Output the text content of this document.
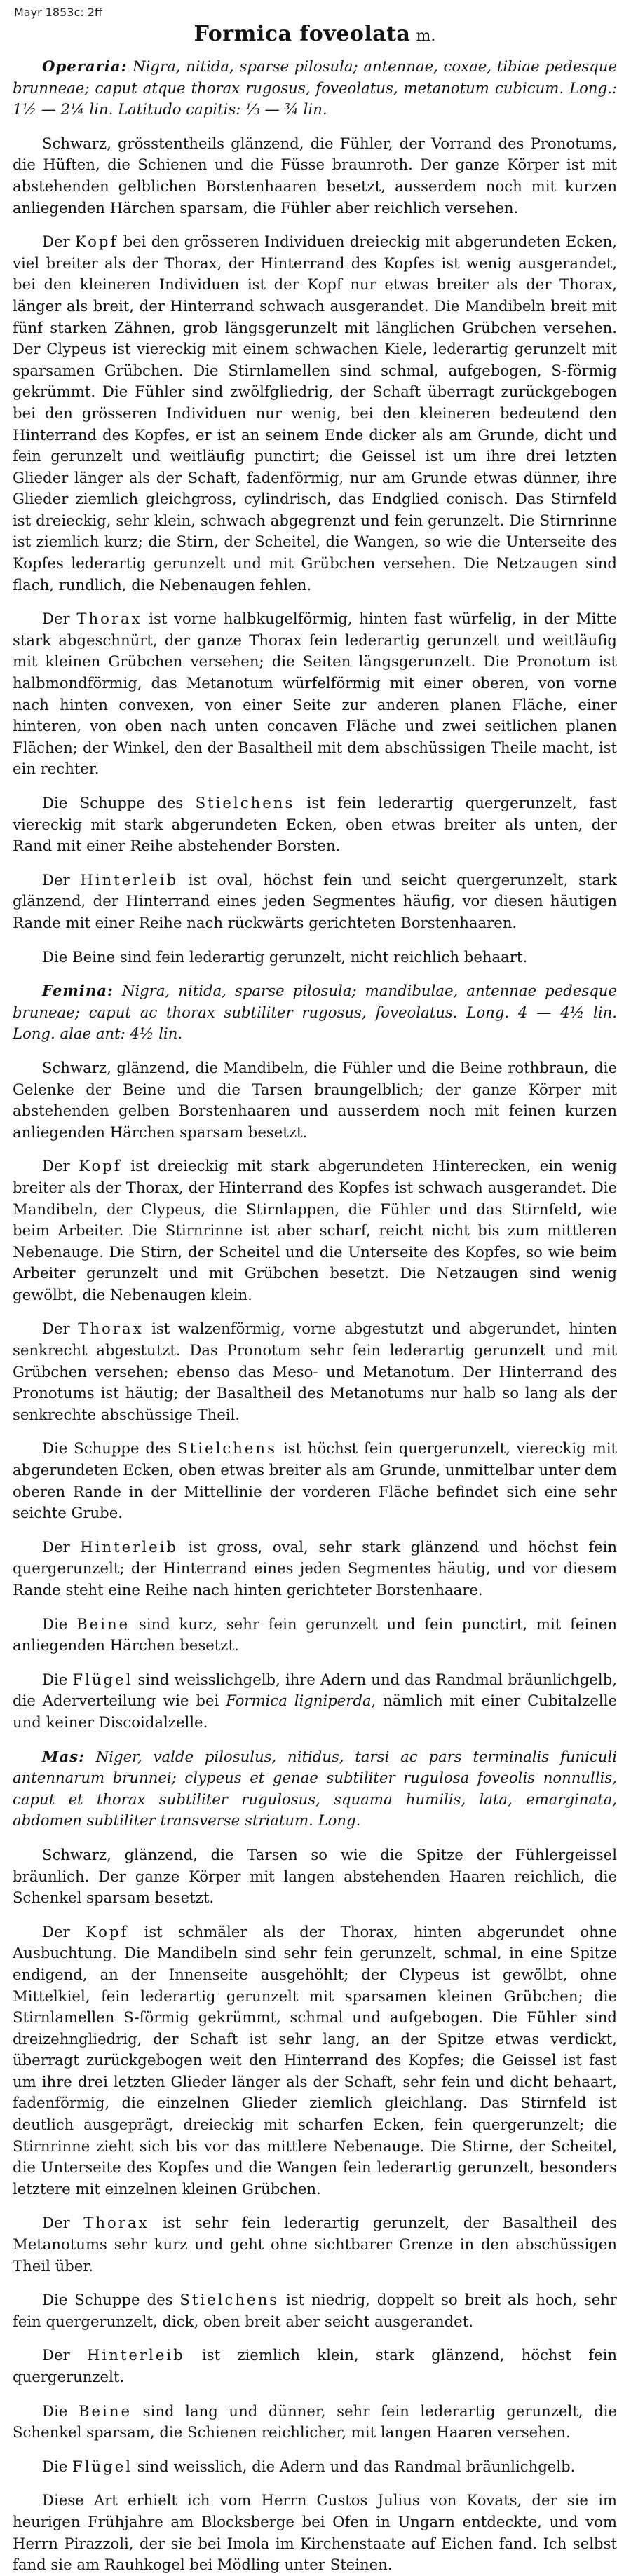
Mayr 1853c: 2ff
Formica foveolata m.

Operaria: Nigra, nitida, sparse pilosula; antennae, coxae, tibiae pedesque brunneae; caput atque thorax rugosus, foveolatus, metanotum cubicum. Long.: 1½ — 2¼ lin. Latitudo capitis: ⅓ — ¾ lin.

Schwarz, grösstentheils glänzend, die Fühler, der Vorrand des Pronotums, die Hüften, die Schienen und die Füsse braunroth. Der ganze Körper ist mit abstehenden gelblichen Borstenhaaren besetzt, ausserdem noch mit kurzen anliegenden Härchen sparsam, die Fühler aber reichlich versehen.

Der Kopf bei den grösseren Individuen dreieckig mit abgerundeten Ecken, viel breiter als der Thorax, der Hinterrand des Kopfes ist wenig ausgerandet, bei den kleineren Individuen ist der Kopf nur etwas breiter als der Thorax, länger als breit, der Hinterrand schwach ausgerandet. Die Mandibeln breit mit fünf starken Zähnen, grob längsgerunzelt mit länglichen Grübchen versehen. Der Clypeus ist viereckig mit einem schwachen Kiele, lederartig gerunzelt mit sparsamen Grübchen. Die Stirnlamellen sind schmal, aufgebogen, S-förmig gekrümmt. Die Fühler sind zwölfgliedrig, der Schaft überragt zurückgebogen bei den grösseren Individuen nur wenig, bei den kleineren bedeutend den Hinterrand des Kopfes, er ist an seinem Ende dicker als am Grunde, dicht und fein gerunzelt und weitläufig punctirt; die Geissel ist um ihre drei letzten Glieder länger als der Schaft, fadenförmig, nur am Grunde etwas dünner, ihre Glieder ziemlich gleichgross, cylindrisch, das Endglied conisch. Das Stirnfeld ist dreieckig, sehr klein, schwach abgegrenzt und fein gerunzelt. Die Stirnrinne ist ziemlich kurz; die Stirn, der Scheitel, die Wangen, so wie die Unterseite des Kopfes lederartig gerunzelt und mit Grübchen versehen. Die Netzaugen sind flach, rundlich, die Nebenaugen fehlen.

Der Thorax ist vorne halbkugelförmig, hinten fast würfelig, in der Mitte stark abgeschnürt, der ganze Thorax fein lederartig gerunzelt und weitläufig mit kleinen Grübchen versehen; die Seiten längsgerunzelt. Die Pronotum ist halbmondförmig, das Metanotum würfelförmig mit einer oberen, von vorne nach hinten convexen, von einer Seite zur anderen planen Fläche, einer hinteren, von oben nach unten concaven Fläche und zwei seitlichen planen Flächen; der Winkel, den der Basaltheil mit dem abschüssigen Theile macht, ist ein rechter.

Die Schuppe des Stielchens ist fein lederartig quergerunzelt, fast viereckig mit stark abgerundeten Ecken, oben etwas breiter als unten, der Rand mit einer Reihe abstehender Borsten.

Der Hinterleib ist oval, höchst fein und seicht quergerunzelt, stark glänzend, der Hinterrand eines jeden Segmentes häufig, vor diesen häutigen Rande mit einer Reihe nach rückwärts gerichteten Borstenhaaren.

Die Beine sind fein lederartig gerunzelt, nicht reichlich behaart.

Femina: Nigra, nitida, sparse pilosula; mandibulae, antennae pedesque bruneae; caput ac thorax subtiliter rugosus, foveolatus. Long. 4 — 4½ lin. Long. alae ant: 4½ lin.

Schwarz, glänzend, die Mandibeln, die Fühler und die Beine rothbraun, die Gelenke der Beine und die Tarsen braungelblich; der ganze Körper mit abstehenden gelben Borstenhaaren und ausserdem noch mit feinen kurzen anliegenden Härchen sparsam besetzt.

Der Kopf ist dreieckig mit stark abgerundeten Hinterecken, ein wenig breiter als der Thorax, der Hinterrand des Kopfes ist schwach ausgerandet. Die Mandibeln, der Clypeus, die Stirnlappen, die Fühler und das Stirnfeld, wie beim Arbeiter. Die Stirnrinne ist aber scharf, reicht nicht bis zum mittleren Nebenauge. Die Stirn, der Scheitel und die Unterseite des Kopfes, so wie beim Arbeiter gerunzelt und mit Grübchen besetzt. Die Netzaugen sind wenig gewölbt, die Nebenaugen klein.

Der Thorax ist walzenförmig, vorne abgestutzt und abgerundet, hinten senkrecht abgestutzt. Das Pronotum sehr fein lederartig gerunzelt und mit Grübchen versehen; ebenso das Meso- und Metanotum. Der Hinterrand des Pronotums ist häutig; der Basaltheil des Metanotums nur halb so lang als der senkrechte abschüssige Theil.

Die Schuppe des Stielchens ist höchst fein quergerunzelt, viereckig mit abgerundeten Ecken, oben etwas breiter als am Grunde, unmittelbar unter dem oberen Rande in der Mittellinie der vorderen Fläche befindet sich eine sehr seichte Grube.

Der Hinterleib ist gross, oval, sehr stark glänzend und höchst fein quergerunzelt; der Hinterrand eines jeden Segmentes häutig, und vor diesem Rande steht eine Reihe nach hinten gerichteter Borstenhaare.

Die Beine sind kurz, sehr fein gerunzelt und fein punctirt, mit feinen anliegenden Härchen besetzt.

Die Flügel sind weisslichgelb, ihre Adern und das Randmal bräunlichgelb, die Aderverteilung wie bei Formica ligniperda, nämlich mit einer Cubitalzelle und keiner Discoidalzelle.

Mas: Niger, valde pilosulus, nitidus, tarsi ac pars terminalis funiculi antennarum brunnei; clypeus et genae subtiliter rugulosa foveolis nonnullis, caput et thorax subtiliter rugulosus, squama humilis, lata, emarginata, abdomen subtiliter transverse striatum. Long.

Schwarz, glänzend, die Tarsen so wie die Spitze der Fühlergeissel bräunlich. Der ganze Körper mit langen abstehenden Haaren reichlich, die Schenkel sparsam besetzt.

Der Kopf ist schmäler als der Thorax, hinten abgerundet ohne Ausbuchtung. Die Mandibeln sind sehr fein gerunzelt, schmal, in eine Spitze endigend, an der Innenseite ausgehöhlt; der Clypeus ist gewölbt, ohne Mittelkiel, fein lederartig gerunzelt mit sparsamen kleinen Grübchen; die Stirnlamellen S-förmig gekrümmt, schmal und aufgebogen. Die Fühler sind dreizehngliedrig, der Schaft ist sehr lang, an der Spitze etwas verdickt, überragt zurückgebogen weit den Hinterrand des Kopfes; die Geissel ist fast um ihre drei letzten Glieder länger als der Schaft, sehr fein und dicht behaart, fadenförmig, die einzelnen Glieder ziemlich gleichlang. Das Stirnfeld ist deutlich ausgeprägt, dreieckig mit scharfen Ecken, fein quergerunzelt; die Stirnrinne zieht sich bis vor das mittlere Nebenauge. Die Stirne, der Scheitel, die Unterseite des Kopfes und die Wangen fein lederartig gerunzelt, besonders letztere mit einzelnen kleinen Grübchen.

Der Thorax ist sehr fein lederartig gerunzelt, der Basaltheil des Metanotums sehr kurz und geht ohne sichtbarer Grenze in den abschüssigen Theil über.

Die Schuppe des Stielchens ist niedrig, doppelt so breit als hoch, sehr fein quergerunzelt, dick, oben breit aber seicht ausgerandet.

Der Hinterleib ist ziemlich klein, stark glänzend, höchst fein quergerunzelt.

Die Beine sind lang und dünner, sehr fein lederartig gerunzelt, die Schenkel sparsam, die Schienen reichlicher, mit langen Haaren versehen.

Die Flügel sind weisslich, die Adern und das Randmal bräunlichgelb.

Diese Art erhielt ich vom Herrn Custos Julius von Kovats, der sie im heurigen Frühjahre am Blocksberge bei Ofen in Ungarn entdeckte, und vom Herrn Pirazzoli, der sie bei Imola im Kirchenstaate auf Eichen fand. Ich selbst fand sie am Rauhkogel bei Mödling unter Steinen.
